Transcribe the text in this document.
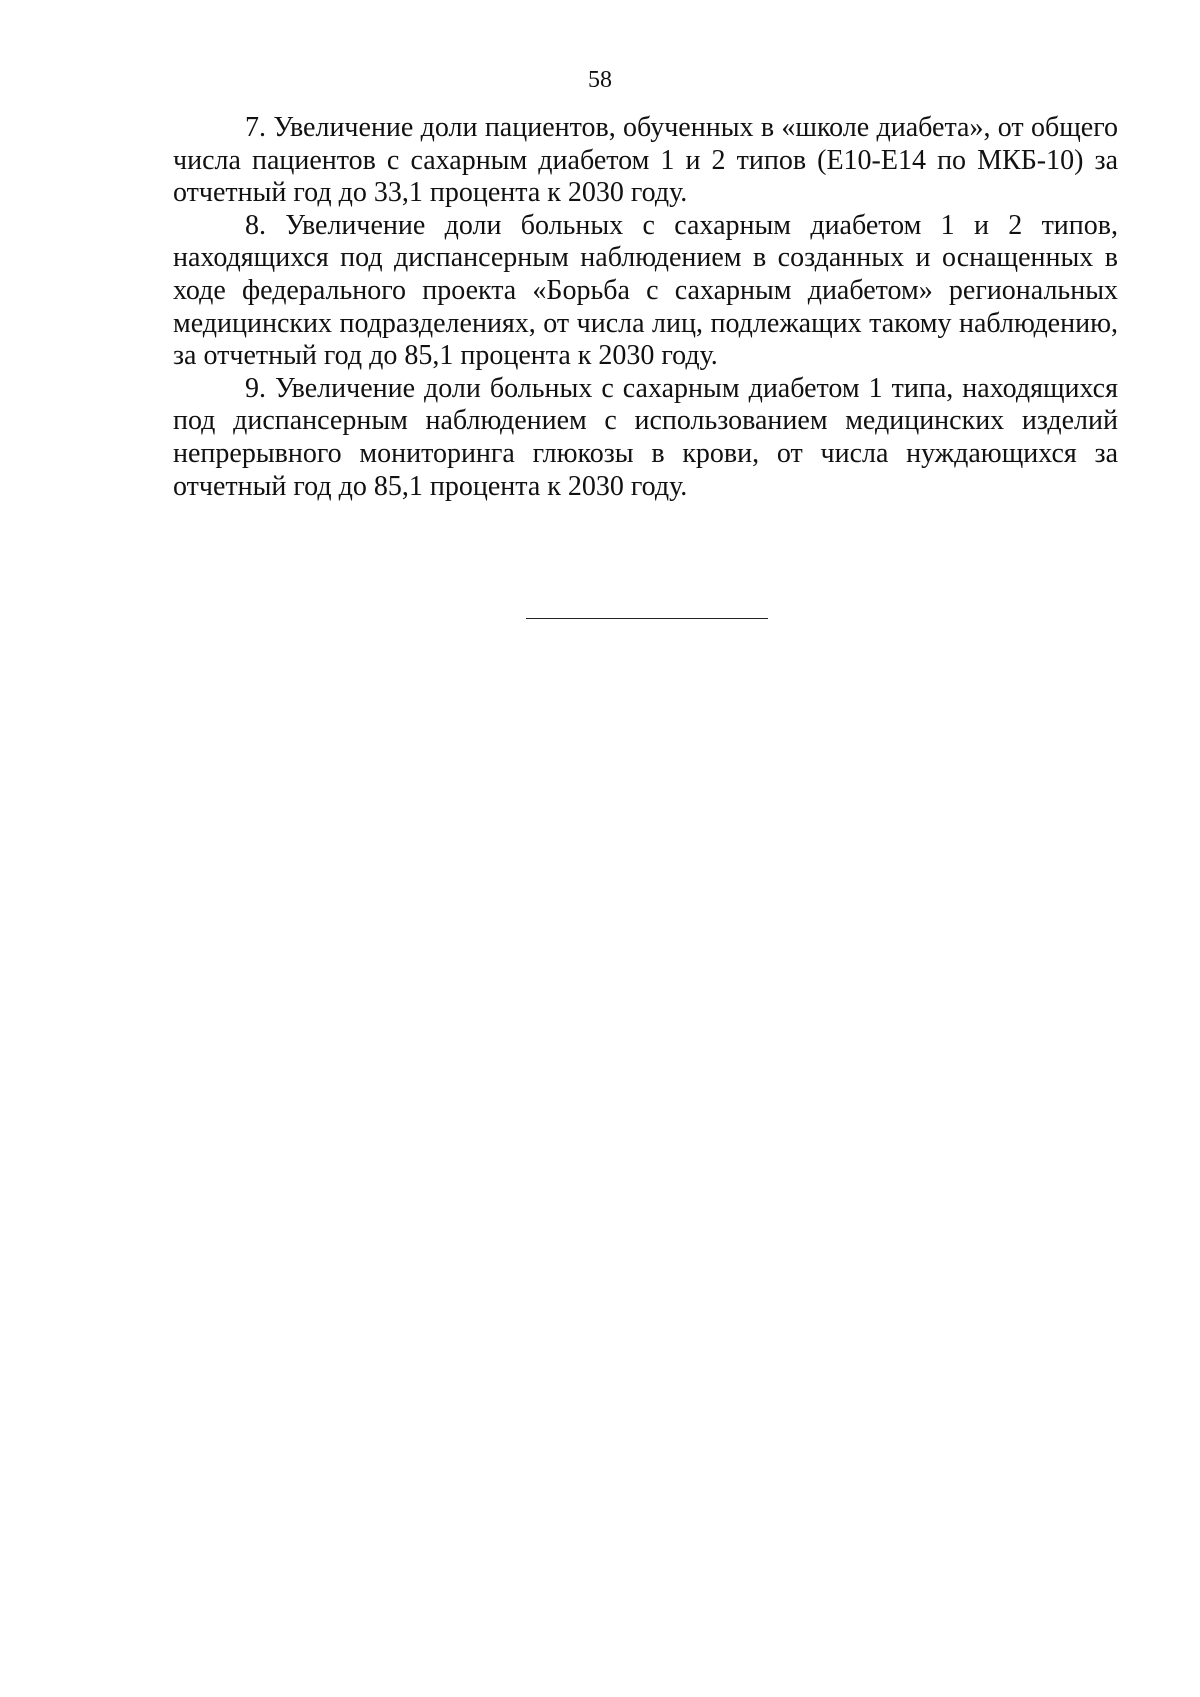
58

7. Увеличение доли пациентов, обученных в «школе диабета», от общего числа пациентов с сахарным диабетом 1 и 2 типов (E10-E14 по МКБ-10) за отчетный год до 33,1 процента к 2030 году.

8. Увеличение доли больных с сахарным диабетом 1 и 2 типов, находящихся под диспансерным наблюдением в созданных и оснащенных в ходе федерального проекта «Борьба с сахарным диабетом» региональных медицинских подразделениях, от числа лиц, подлежащих такому наблюдению, за отчетный год до 85,1 процента к 2030 году.

9. Увеличение доли больных с сахарным диабетом 1 типа, находящихся под диспансерным наблюдением с использованием медицинских изделий непрерывного мониторинга глюкозы в крови, от числа нуждающихся за отчетный год до 85,1 процента к 2030 году.
